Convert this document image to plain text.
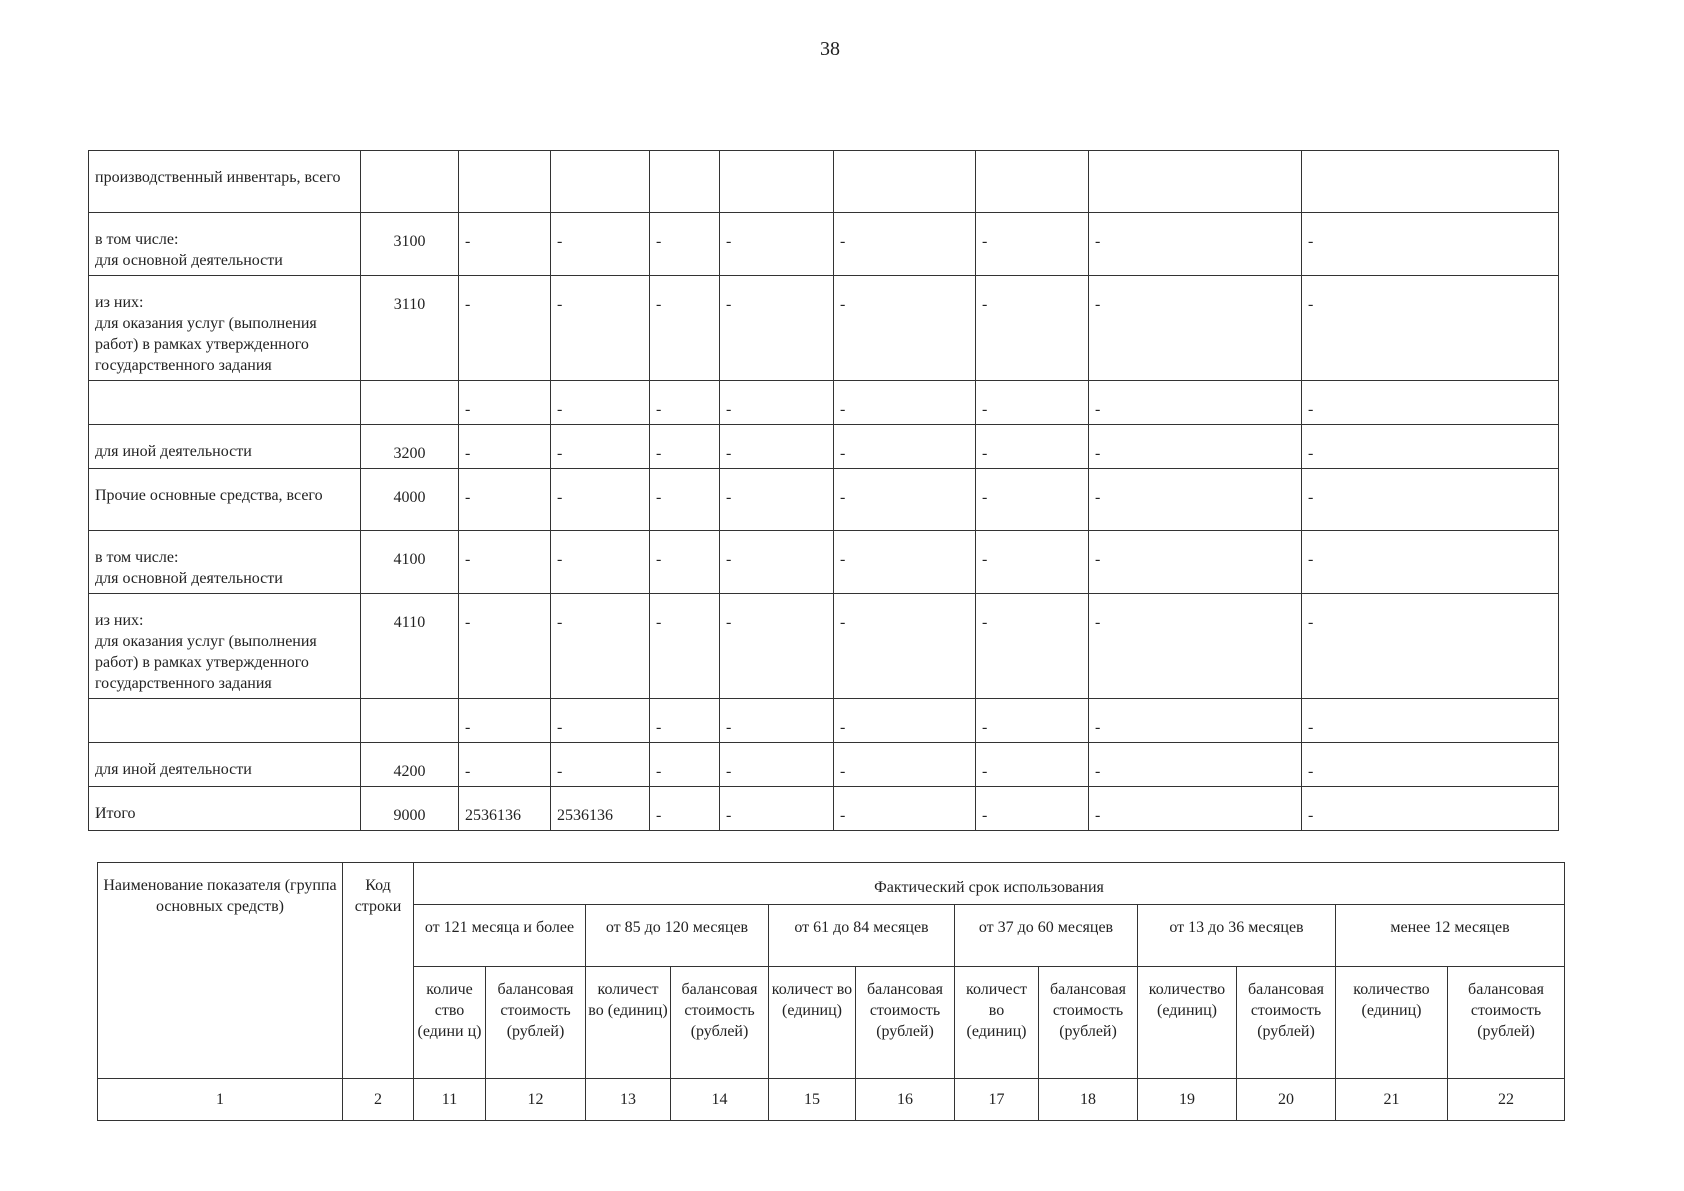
38
производственный инвентарь, всего									
в том числе:
для основной деятельности	3100	-	-	-	-	-	-	-	-
из них:
для оказания услуг (выполнения работ) в рамках утвержденного государственного задания	3110	-	-	-	-	-	-	-	-
		-	-	-	-	-	-	-	-
для иной деятельности	3200	-	-	-	-	-	-	-	-
Прочие основные средства, всего	4000	-	-	-	-	-	-	-	-
в том числе:
для основной деятельности	4100	-	-	-	-	-	-	-	-
из них:
для оказания услуг (выполнения работ) в рамках утвержденного государственного задания	4110	-	-	-	-	-	-	-	-
		-	-	-	-	-	-	-	-
для иной деятельности	4200	-	-	-	-	-	-	-	-
Итого	9000	2536136	2536136	-	-	-	-	-	-
Наименование показателя (группа основных средств)	Код строки	Фактический срок использования											
		от 121 месяца и более		от 85 до 120 месяцев		от 61 до 84 месяцев		от 37 до 60 месяцев		от 13 до 36 месяцев		менее 12 месяцев	
		количе ство (едини ц)	балансовая стоимость (рублей)	количест во (единиц)	балансовая стоимость (рублей)	количест во (единиц)	балансовая стоимость (рублей)	количест во (единиц)	балансовая стоимость (рублей)	количество (единиц)	балансовая стоимость (рублей)	количество (единиц)	балансовая стоимость (рублей)
1	2	11	12	13	14	15	16	17	18	19	20	21	22
